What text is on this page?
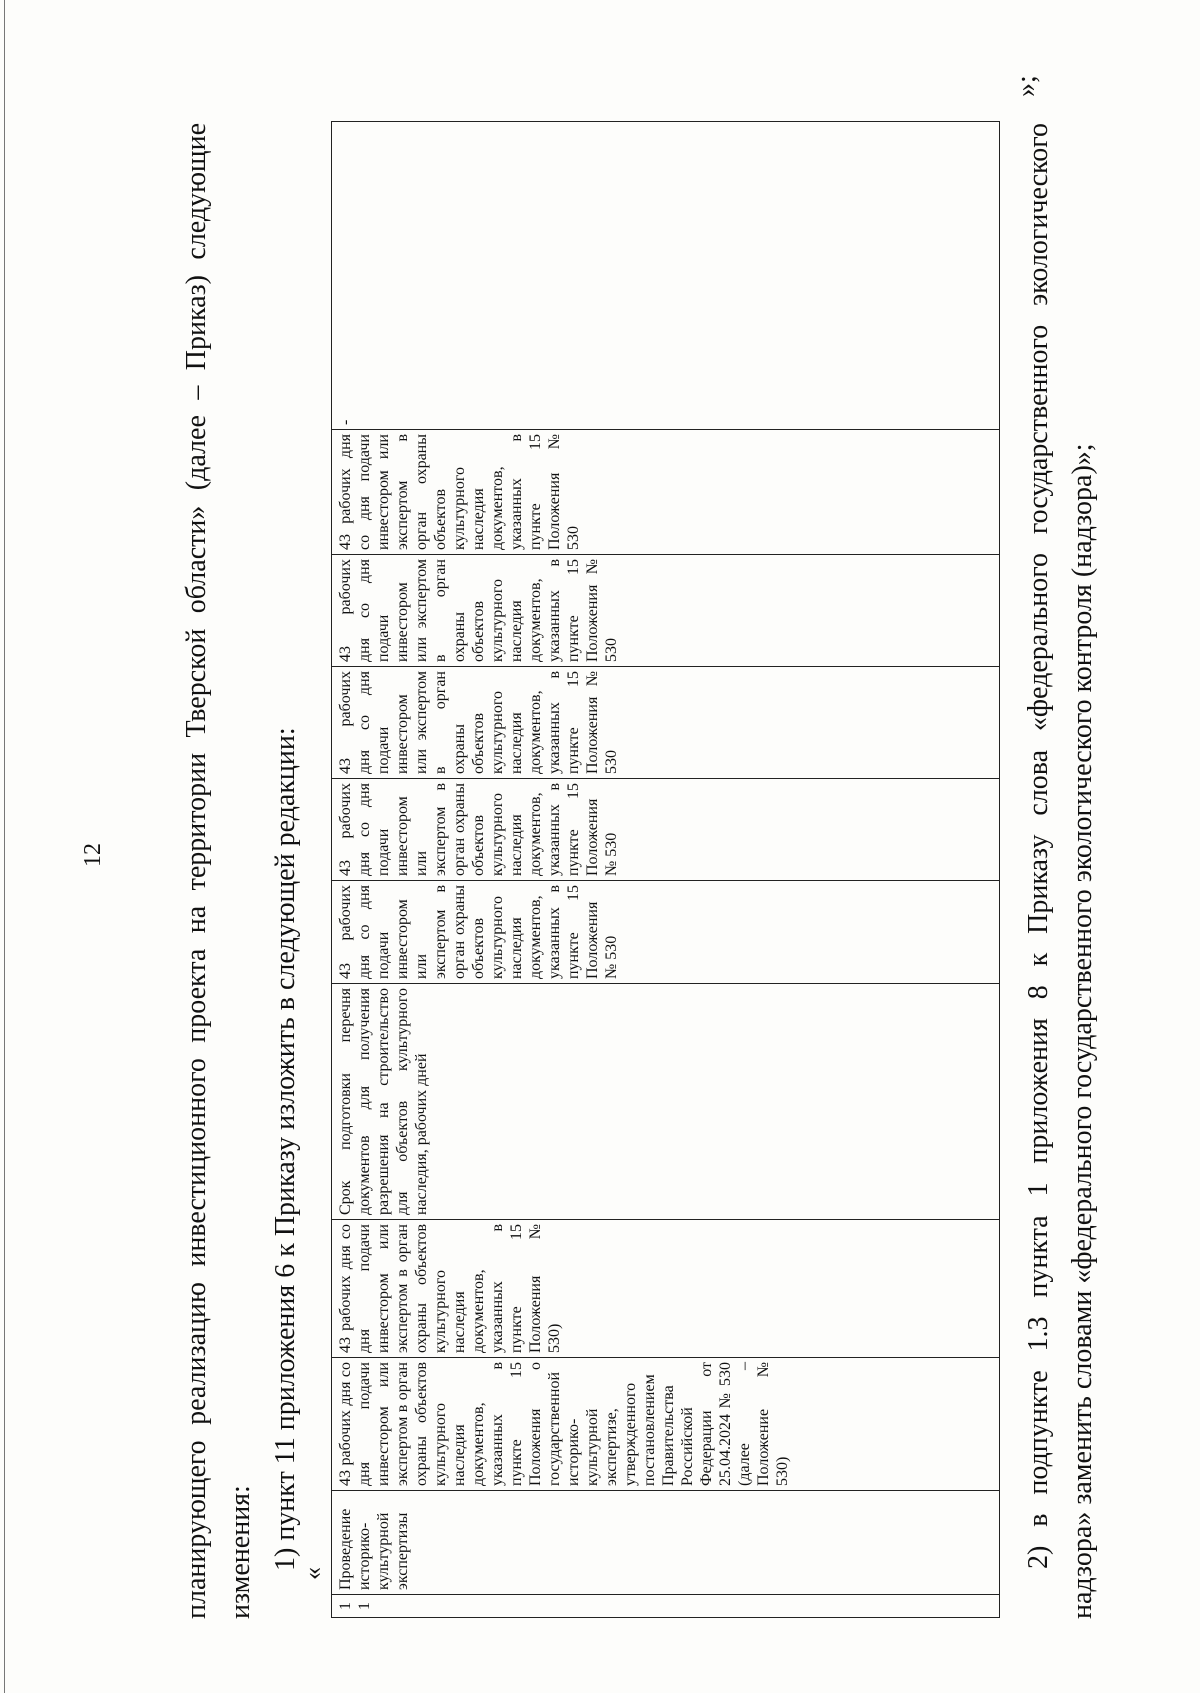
12	планирующего реализацию инвестиционного проекта на территории Тверской области» (далее – Приказ) следующие изменения: 1) пункт 11 приложения 6 к Приказу изложить в следующей редакции:
«
11	Проведение историко-культурной экспертизы	43 рабочих дня со дня подачи инвестором или экспертом в орган охраны объектов культурного наследия документов, указанных в пункте 15 Положения о государственной историко-культурной экспертизе, утвержденного постановлением Правительства Российской Федерации от 25.04.2024 № 530 (далее – Положение № 530)	43 рабочих дня со дня подачи инвестором или экспертом в орган охраны объектов культурного наследия документов, указанных в пункте 15 Положения № 530)	Срок подготовки перечня документов для получения разрешения на строительство для объектов культурного наследия, рабочих дней	43 рабочих дня со дня подачи инвестором или экспертом в орган охраны объектов культурного наследия документов, указанных в пункте 15 Положения № 530	43 рабочих дня со дня подачи инвестором или экспертом в орган охраны объектов культурного наследия документов, указанных в пункте 15 Положения № 530	43 рабочих дня со дня подачи инвестором или экспертом в орган охраны объектов культурного наследия документов, указанных в пункте 15 Положения № 530	43 рабочих дня со дня подачи инвестором или экспертом в орган охраны объектов культурного наследия документов, указанных в пункте 15 Положения № 530	43 рабочих дня со дня подачи инвестором или экспертом в орган охраны объектов культурного наследия документов, указанных в пункте 15 Положения № 530	-
»;
2) в подпункте 1.3 пункта 1 приложения 8 к Приказу слова «федерального государственного экологического надзора» заменить словами «федерального государственного экологического контроля (надзора)»;
